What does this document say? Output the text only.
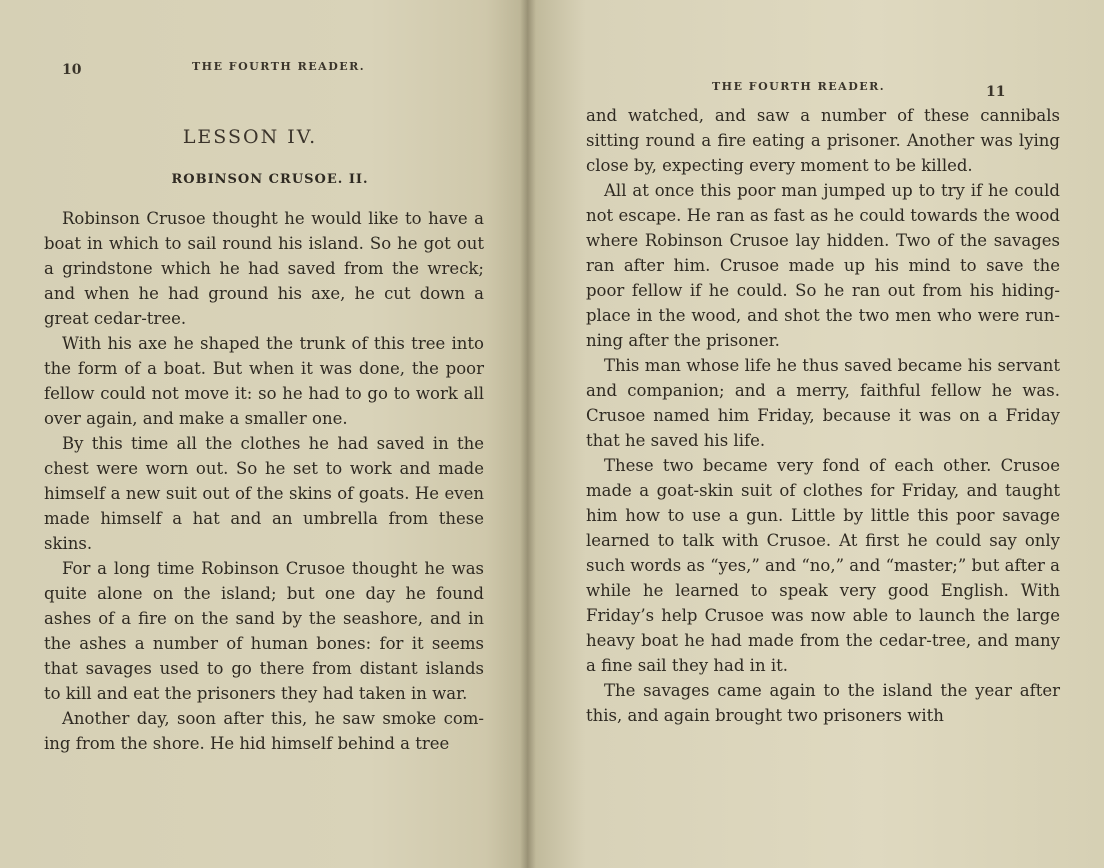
10	THE FOURTH READER.
LESSON IV.
ROBINSON CRUSOE. II.

Robinson Crusoe thought he would like to have a boat in which to sail round his island. So he got out a grindstone which he had saved from the wreck; and when he had ground his axe, he cut down a great cedar-tree.

With his axe he shaped the trunk of this tree into the form of a boat. But when it was done, the poor fellow could not move it: so he had to go to work all over again, and make a smaller one.

By this time all the clothes he had saved in the chest were worn out. So he set to work and made himself a new suit out of the skins of goats. He even made himself a hat and an umbrella from these skins.

For a long time Robinson Crusoe thought he was quite alone on the island; but one day he found ashes of a fire on the sand by the seashore, and in the ashes a number of human bones: for it seems that savages used to go there from distant islands to kill and eat the prisoners they had taken in war.

Another day, soon after this, he saw smoke com- ing from the shore. He hid himself behind a tree

THE FOURTH READER.	11

and watched, and saw a number of these cannibals sitting round a fire eating a prisoner. Another was lying close by, expecting every moment to be killed.

All at once this poor man jumped up to try if he could not escape. He ran as fast as he could towards the wood where Robinson Crusoe lay hidden. Two of the savages ran after him. Crusoe made up his mind to save the poor fellow if he could. So he ran out from his hiding-place in the wood, and shot the two men who were run- ning after the prisoner.

This man whose life he thus saved became his servant and companion; and a merry, faithful fellow he was. Crusoe named him Friday, because it was on a Friday that he saved his life.

These two became very fond of each other. Crusoe made a goat-skin suit of clothes for Friday, and taught him how to use a gun. Little by little this poor savage learned to talk with Crusoe. At first he could say only such words as “yes,” and “no,” and “master;” but after a while he learned to speak very good English. With Friday’s help Crusoe was now able to launch the large heavy boat he had made from the cedar-tree, and many a fine sail they had in it.

The savages came again to the island the year after this, and again brought two prisoners with
